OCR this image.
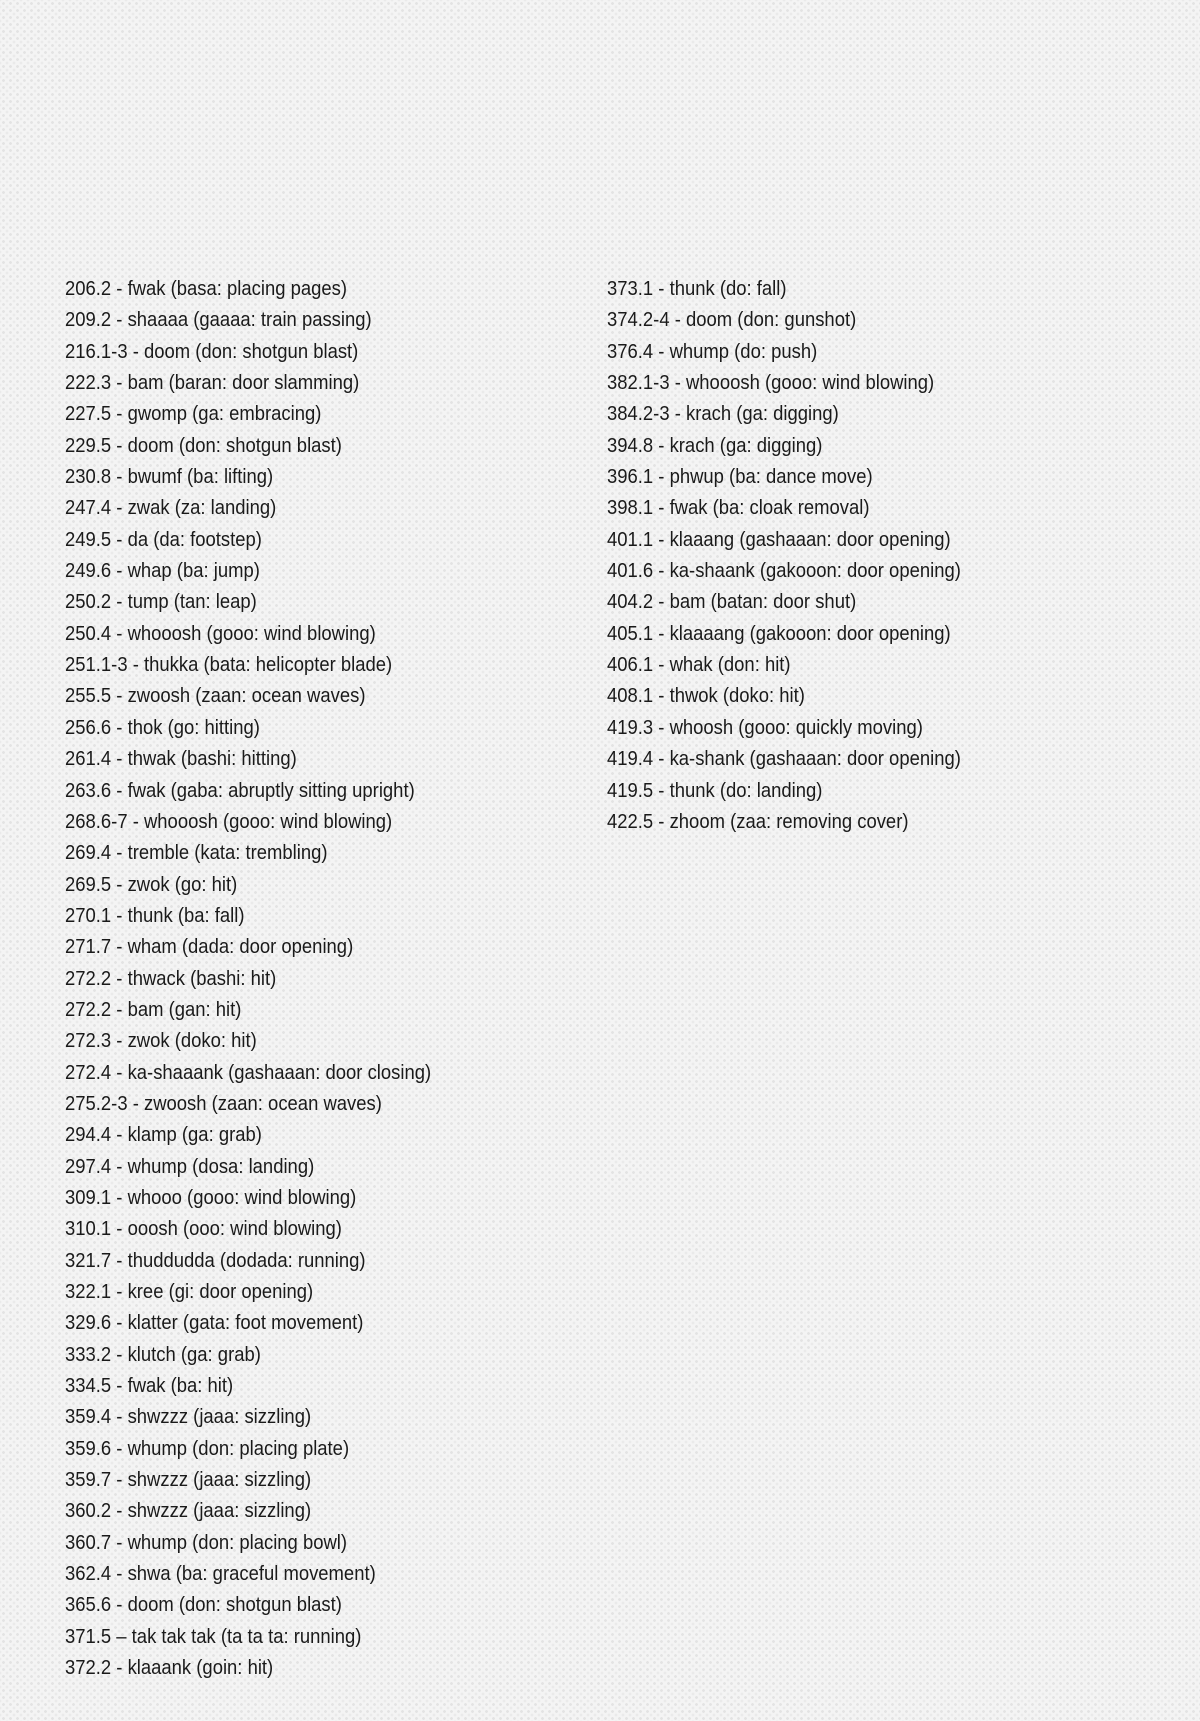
206.2 - fwak (basa: placing pages)
209.2 - shaaaa (gaaaa: train passing)
216.1-3 - doom (don: shotgun blast)
222.3 - bam (baran: door slamming)
227.5 - gwomp (ga: embracing)
229.5 - doom (don: shotgun blast)
230.8 - bwumf (ba: lifting)
247.4 - zwak (za: landing)
249.5 - da (da: footstep)
249.6 - whap (ba: jump)
250.2 - tump (tan: leap)
250.4 - whooosh (gooo: wind blowing)
251.1-3 - thukka (bata: helicopter blade)
255.5 - zwoosh (zaan: ocean waves)
256.6 - thok (go: hitting)
261.4 - thwak (bashi: hitting)
263.6 - fwak (gaba: abruptly sitting upright)
268.6-7 - whooosh (gooo: wind blowing)
269.4 - tremble (kata: trembling)
269.5 - zwok (go: hit)
270.1 - thunk (ba: fall)
271.7 - wham (dada: door opening)
272.2 - thwack (bashi: hit)
272.2 - bam (gan: hit)
272.3 - zwok (doko: hit)
272.4 - ka-shaaank (gashaaan: door closing)
275.2-3 - zwoosh (zaan: ocean waves)
294.4 - klamp (ga: grab)
297.4 - whump (dosa: landing)
309.1 - whooo (gooo: wind blowing)
310.1 - ooosh (ooo: wind blowing)
321.7 - thuddudda (dodada: running)
322.1 - kree (gi: door opening)
329.6 - klatter (gata: foot movement)
333.2 - klutch (ga: grab)
334.5 - fwak (ba: hit)
359.4 - shwzzz (jaaa: sizzling)
359.6 - whump (don: placing plate)
359.7 - shwzzz (jaaa: sizzling)
360.2 - shwzzz (jaaa: sizzling)
360.7 - whump (don: placing bowl)
362.4 - shwa (ba: graceful movement)
365.6 - doom (don: shotgun blast)
371.5 – tak tak tak (ta ta ta: running)
372.2 - klaaank (goin: hit)
373.1 - thunk (do: fall)
374.2-4 - doom (don: gunshot)
376.4 - whump (do: push)
382.1-3 - whooosh (gooo: wind blowing)
384.2-3 - krach (ga: digging)
394.8 - krach (ga: digging)
396.1 - phwup (ba: dance move)
398.1 - fwak (ba: cloak removal)
401.1 - klaaang (gashaaan: door opening)
401.6 - ka-shaank (gakooon: door opening)
404.2 - bam (batan: door shut)
405.1 - klaaaang (gakooon: door opening)
406.1 - whak (don: hit)
408.1 - thwok (doko: hit)
419.3 - whoosh (gooo: quickly moving)
419.4 - ka-shank (gashaaan: door opening)
419.5 - thunk (do: landing)
422.5 - zhoom (zaa: removing cover)
